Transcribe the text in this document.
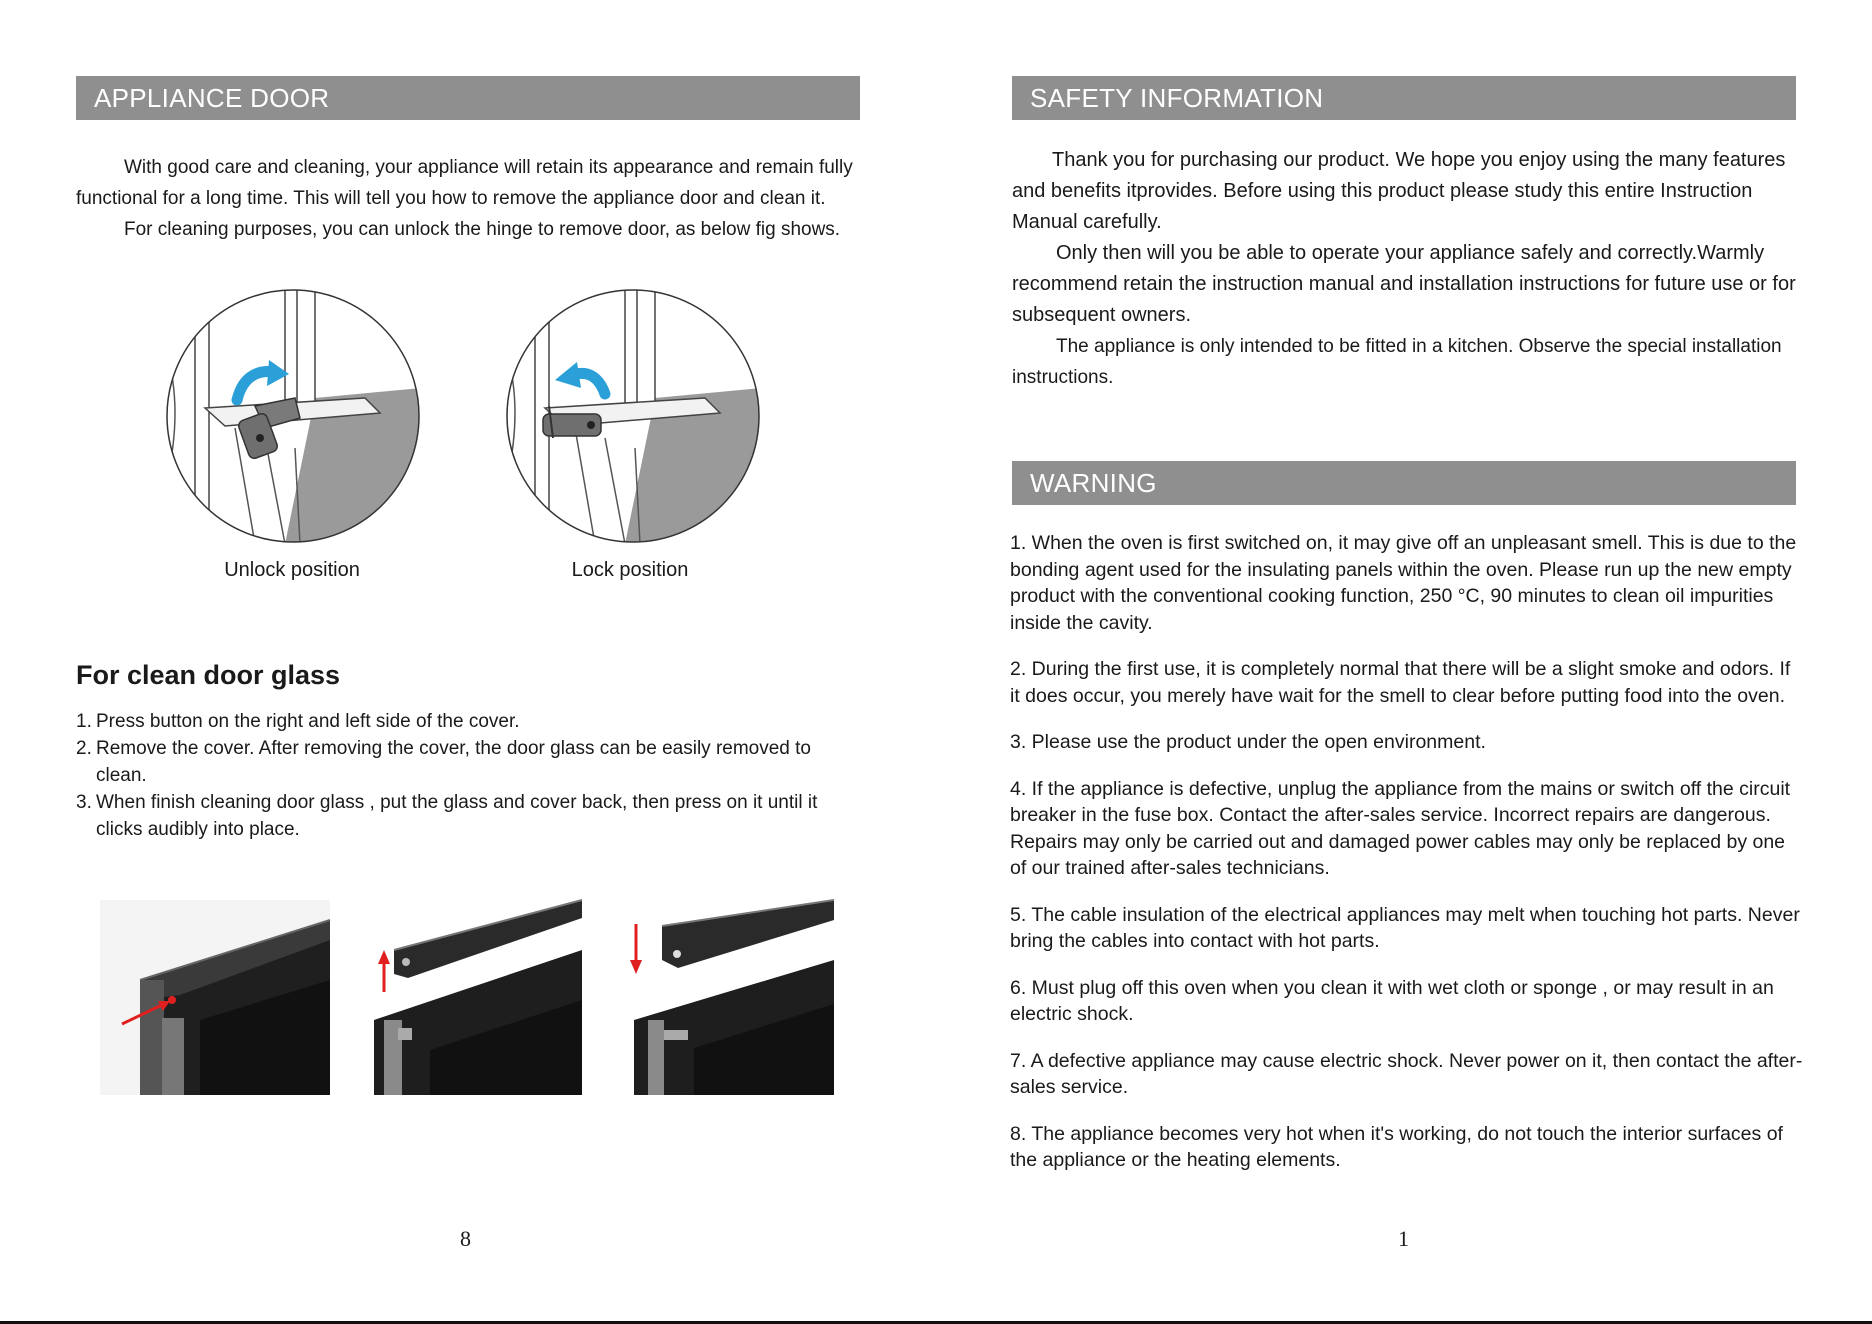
APPLIANCE DOOR

With good care and cleaning, your appliance will retain its appearance and remain fully
functional for a long time. This will tell you how to remove the appliance door and clean it.
For cleaning purposes, you can unlock the hinge to remove door, as below fig shows.

Unlock position	Lock position
For clean door glass
1. Press button on the right and left side of the cover.
2. Remove the cover. After removing the cover, the door glass can be easily removed to clean.
3. When finish cleaning door glass , put the glass and cover back, then press on it until it clicks audibly into place.
8
SAFETY INFORMATION

Thank you for purchasing our product. We hope you enjoy using the many features and benefits itprovides. Before using this product please study this entire Instruction Manual carefully.

Only then will you be able to operate your appliance safely and correctly.Warmly recommend retain the instruction manual and installation instructions for future use or for subsequent owners.

The appliance is only intended to be fitted in a kitchen. Observe the special installation instructions.

WARNING
1. When the oven is first switched on, it may give off an unpleasant smell. This is due to the bonding agent used for the insulating panels within the oven. Please run up the new empty product with the conventional cooking function, 250 °C, 90 minutes to clean oil impurities inside the cavity.
2. During the first use, it is completely normal that there will be a slight smoke and odors. If it does occur, you merely have wait for the smell to clear before putting food into the oven.
3. Please use the product under the open environment.
4. If the appliance is defective, unplug the appliance from the mains or switch off the circuit breaker in the fuse box. Contact the after-sales service. Incorrect repairs are dangerous. Repairs may only be carried out and damaged power cables may only be replaced by one of our trained after-sales technicians.
5. The cable insulation of the electrical appliances may melt when touching hot parts. Never bring the cables into contact with hot parts.
6. Must plug off this oven when you clean it with wet cloth or sponge , or may result in an electric shock.
7. A defective appliance may cause electric shock. Never power on it, then contact the after-sales service.
8. The appliance becomes very hot when it's working, do not touch the interior surfaces of the appliance or the heating elements.
1
